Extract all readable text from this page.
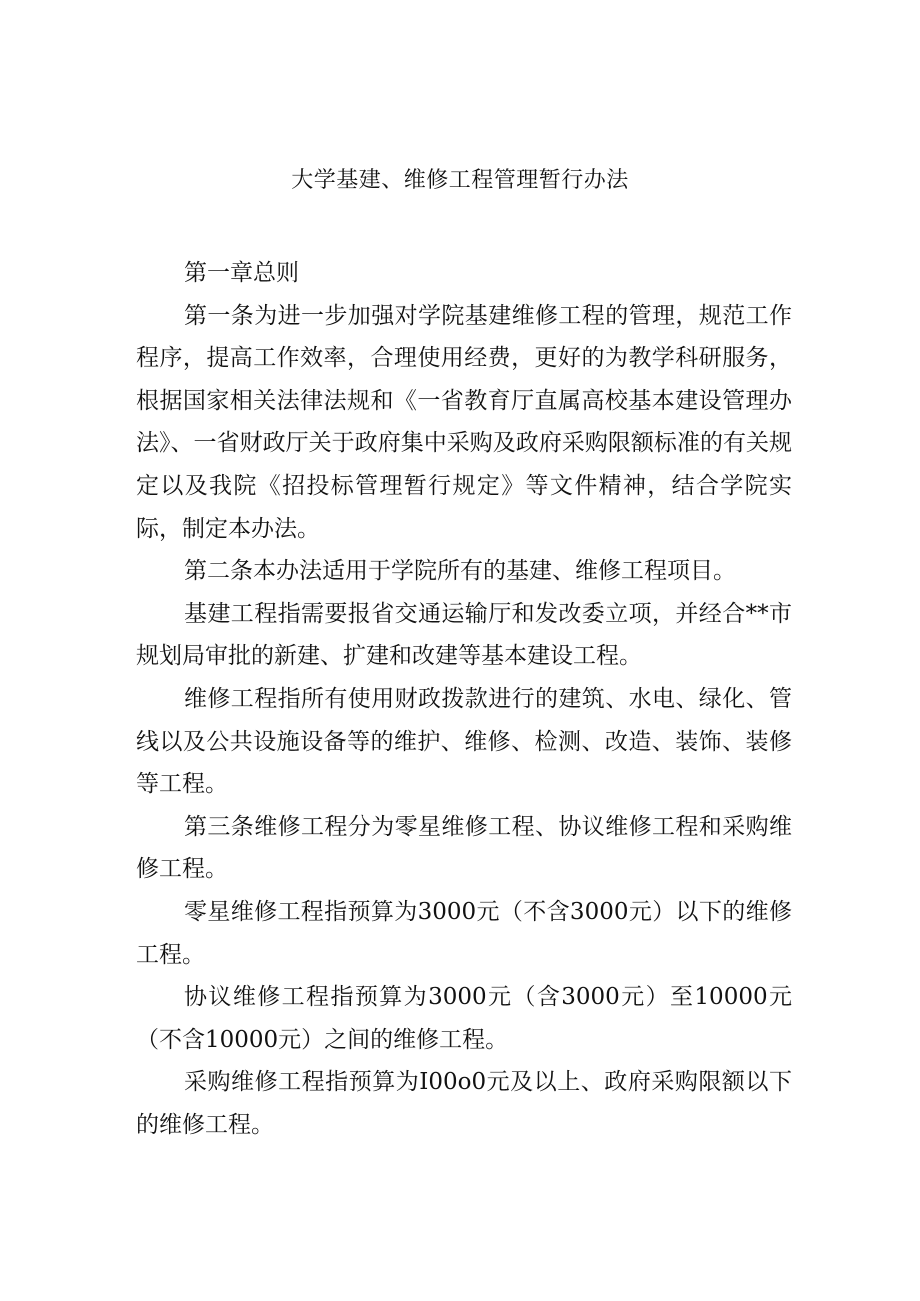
大学基建、维修工程管理暂行办法

第一章总则

第一条为进一步加强对学院基建维修工程的管理，规范工作程序，提高工作效率，合理使用经费，更好的为教学科研服务，根据国家相关法律法规和《一省教育厅直属高校基本建设管理办法》、一省财政厅关于政府集中采购及政府采购限额标准的有关规定以及我院《招投标管理暂行规定》等文件精神，结合学院实际，制定本办法。

第二条本办法适用于学院所有的基建、维修工程项目。

基建工程指需要报省交通运输厅和发改委立项，并经合**市规划局审批的新建、扩建和改建等基本建设工程。

维修工程指所有使用财政拨款进行的建筑、水电、绿化、管线以及公共设施设备等的维护、维修、检测、改造、装饰、装修等工程。

第三条维修工程分为零星维修工程、协议维修工程和采购维修工程。

零星维修工程指预算为3000元（不含3000元）以下的维修工程。

协议维修工程指预算为3000元（含3000元）至10000元（不含10000元）之间的维修工程。

采购维修工程指预算为I00o0元及以上、政府采购限额以下的维修工程。
